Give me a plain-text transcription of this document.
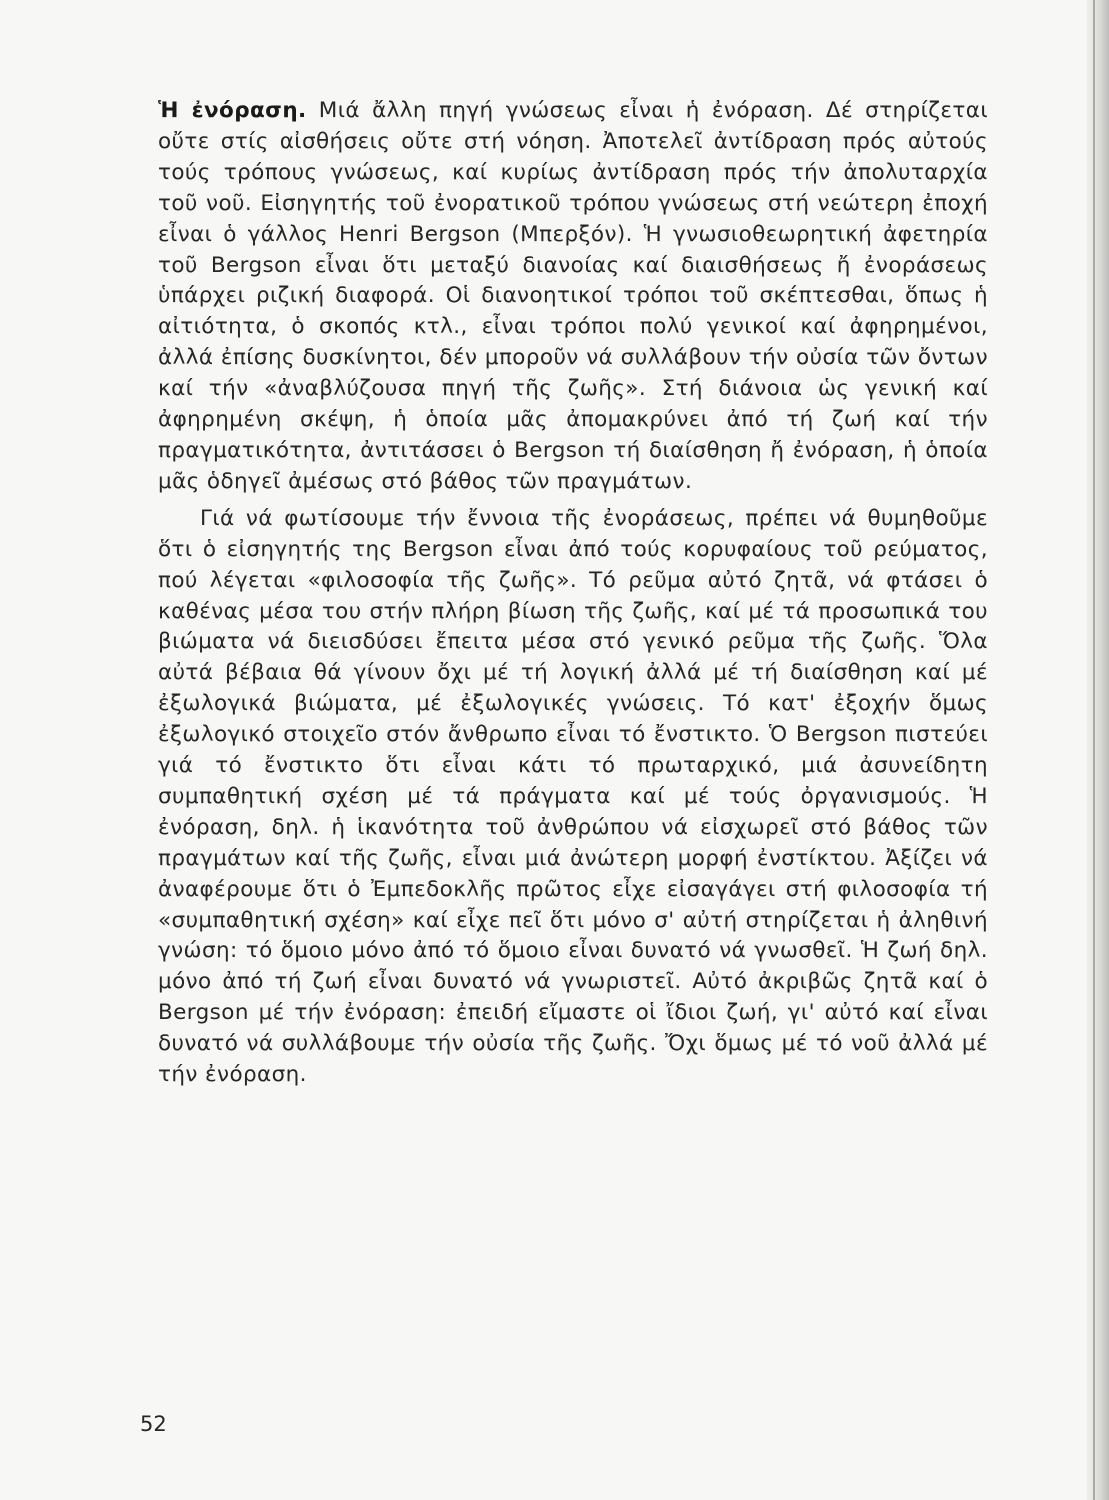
Ἡ ἐνόραση. Μιά ἄλλη πηγή γνώσεως εἶναι ἡ ἐνόραση. Δέ στηρίζεται οὔτε στίς αἰσθήσεις οὔτε στή νόηση. Ἀποτελεῖ ἀντίδραση πρός αὐτούς τούς τρόπους γνώσεως, καί κυρίως ἀντίδραση πρός τήν ἀπολυταρχία τοῦ νοῦ. Εἰσηγητής τοῦ ἐνορατικοῦ τρόπου γνώσεως στή νεώτερη ἐποχή εἶναι ὁ γάλλος Henri Bergson (Μπερξόν). Ἡ γνωσιοθεωρητική ἀφετηρία τοῦ Bergson εἶναι ὅτι μεταξύ διανοίας καί διαισθήσεως ἤ ἐνοράσεως ὑπάρχει ριζική διαφορά. Οἱ διανοητικοί τρόποι τοῦ σκέπτεσθαι, ὅπως ἡ αἰτιότητα, ὁ σκοπός κτλ., εἶναι τρόποι πολύ γενικοί καί ἀφηρημένοι, ἀλλά ἐπίσης δυσκίνητοι, δέν μποροῦν νά συλλάβουν τήν οὐσία τῶν ὄντων καί τήν «ἀναβλύζουσα πηγή τῆς ζωῆς». Στή διάνοια ὡς γενική καί ἀφηρημένη σκέψη, ἡ ὁποία μᾶς ἀπομακρύνει ἀπό τή ζωή καί τήν πραγματικότητα, ἀντιτάσσει ὁ Bergson τή διαίσθηση ἤ ἐνόραση, ἡ ὁποία μᾶς ὁδηγεῖ ἀμέσως στό βάθος τῶν πραγμάτων.

Γιά νά φωτίσουμε τήν ἔννοια τῆς ἐνοράσεως, πρέπει νά θυμηθοῦμε ὅτι ὁ εἰσηγητής της Bergson εἶναι ἀπό τούς κορυφαίους τοῦ ρεύματος, πού λέγεται «φιλοσοφία τῆς ζωῆς». Τό ρεῦμα αὐτό ζητᾶ, νά φτάσει ὁ καθένας μέσα του στήν πλήρη βίωση τῆς ζωῆς, καί μέ τά προσωπικά του βιώματα νά διεισδύσει ἔπειτα μέσα στό γενικό ρεῦμα τῆς ζωῆς. Ὅλα αὐτά βέβαια θά γίνουν ὄχι μέ τή λογική ἀλλά μέ τή διαίσθηση καί μέ ἐξωλογικά βιώματα, μέ ἐξωλογικές γνώσεις. Τό κατ' ἐξοχήν ὅμως ἐξωλογικό στοιχεῖο στόν ἄνθρωπο εἶναι τό ἔνστικτο. Ὁ Bergson πιστεύει γιά τό ἔνστικτο ὅτι εἶναι κάτι τό πρωταρχικό, μιά ἀσυνείδητη συμπαθητική σχέση μέ τά πράγματα καί μέ τούς ὀργανισμούς. Ἡ ἐνόραση, δηλ. ἡ ἱκανότητα τοῦ ἀνθρώπου νά εἰσχωρεῖ στό βάθος τῶν πραγμάτων καί τῆς ζωῆς, εἶναι μιά ἀνώτερη μορφή ἐνστίκτου. Ἀξίζει νά ἀναφέρουμε ὅτι ὁ Ἐμπεδοκλῆς πρῶτος εἶχε εἰσαγάγει στή φιλοσοφία τή «συμπαθητική σχέση» καί εἶχε πεῖ ὅτι μόνο σ' αὐτή στηρίζεται ἡ ἀληθινή γνώση: τό ὅμοιο μόνο ἀπό τό ὅμοιο εἶναι δυνατό νά γνωσθεῖ. Ἡ ζωή δηλ. μόνο ἀπό τή ζωή εἶναι δυνατό νά γνωριστεῖ. Αὐτό ἀκριβῶς ζητᾶ καί ὁ Bergson μέ τήν ἐνόραση: ἐπειδή εἴμαστε οἱ ἴδιοι ζωή, γι' αὐτό καί εἶναι δυνατό νά συλλάβουμε τήν οὐσία τῆς ζωῆς. Ὄχι ὅμως μέ τό νοῦ ἀλλά μέ τήν ἐνόραση.

52
